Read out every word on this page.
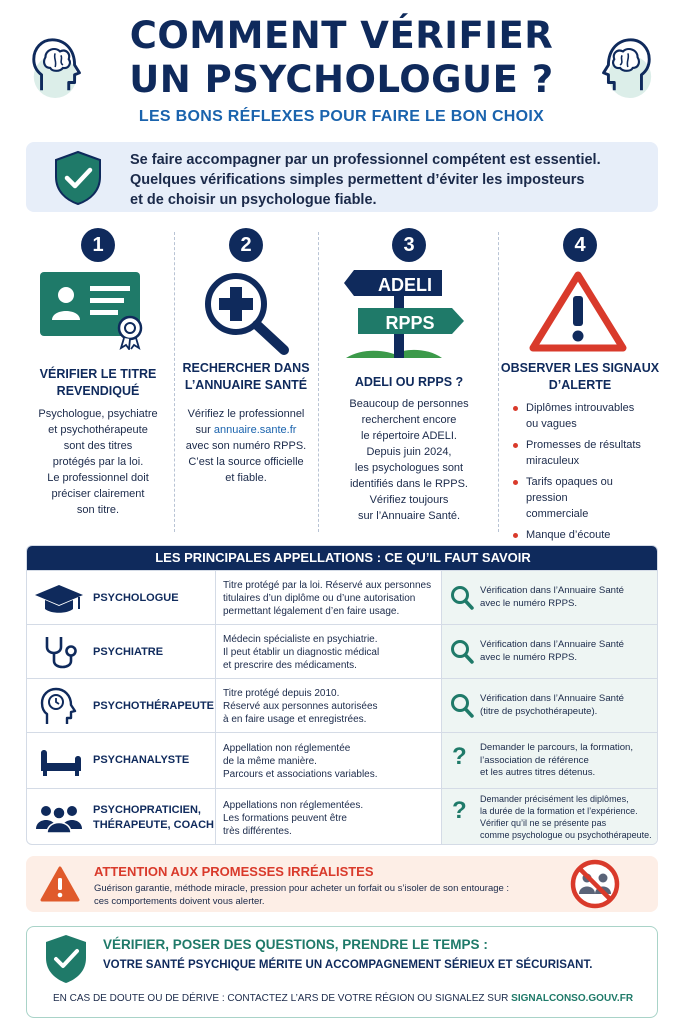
COMMENT VÉRIFIER
UN PSYCHOLOGUE ?
LES BONS RÉFLEXES POUR FAIRE LE BON CHOIX
Se faire accompagner par un professionnel compétent est essentiel.
Quelques vérifications simples permettent d’éviter les imposteurs
et de choisir un psychologue fiable.
1
VÉRIFIER LE TITRE
REVENDIQUÉ
Psychologue, psychiatre
et psychothérapeute
sont des titres
protégés par la loi.
Le professionnel doit
préciser clairement
son titre.
2
RECHERCHER DANS
L’ANNUAIRE SANTÉ
Vérifiez le professionnel
sur annuaire.sante.fr
avec son numéro RPPS.
C’est la source officielle
et fiable.
3
ADELI
RPPS
ADELI OU RPPS ?
Beaucoup de personnes
recherchent encore
le répertoire ADELI.
Depuis juin 2024,
les psychologues sont
identifiés dans le RPPS.
Vérifiez toujours
sur l’Annuaire Santé.
4
OBSERVER LES SIGNAUX
D’ALERTE
Diplômes introuvables
ou vagues
Promesses de résultats
miraculeux
Tarifs opaques ou pression
commerciale
Manque d’écoute
LES PRINCIPALES APPELLATIONS : CE QU’IL FAUT SAVOIR
PSYCHOLOGUE
Titre protégé par la loi. Réservé aux personnes
titulaires d’un diplôme ou d’une autorisation
permettant légalement d’en faire usage.
Vérification dans l’Annuaire Santé
avec le numéro RPPS.
PSYCHIATRE
Médecin spécialiste en psychiatrie.
Il peut établir un diagnostic médical
et prescrire des médicaments.
Vérification dans l’Annuaire Santé
avec le numéro RPPS.
PSYCHOTHÉRAPEUTE
Titre protégé depuis 2010.
Réservé aux personnes autorisées
à en faire usage et enregistrées.
Vérification dans l’Annuaire Santé
(titre de psychothérapeute).
PSYCHANALYSTE
Appellation non réglementée
de la même manière.
Parcours et associations variables.
? Demander le parcours, la formation,
l’association de référence
et les autres titres détenus.
PSYCHOPRATICIEN,
THÉRAPEUTE, COACH
Appellations non réglementées.
Les formations peuvent être
très différentes.
? Demander précisément les diplômes,
la durée de la formation et l’expérience.
Vérifier qu’il ne se présente pas
comme psychologue ou psychothérapeute.
ATTENTION AUX PROMESSES IRRÉALISTES
Guérison garantie, méthode miracle, pression pour acheter un forfait ou s’isoler de son entourage :
ces comportements doivent vous alerter.
VÉRIFIER, POSER DES QUESTIONS, PRENDRE LE TEMPS :
VOTRE SANTÉ PSYCHIQUE MÉRITE UN ACCOMPAGNEMENT SÉRIEUX ET SÉCURISANT.
EN CAS DE DOUTE OU DE DÉRIVE : CONTACTEZ L’ARS DE VOTRE RÉGION OU SIGNALEZ SUR SIGNALCONSO.GOUV.FR
